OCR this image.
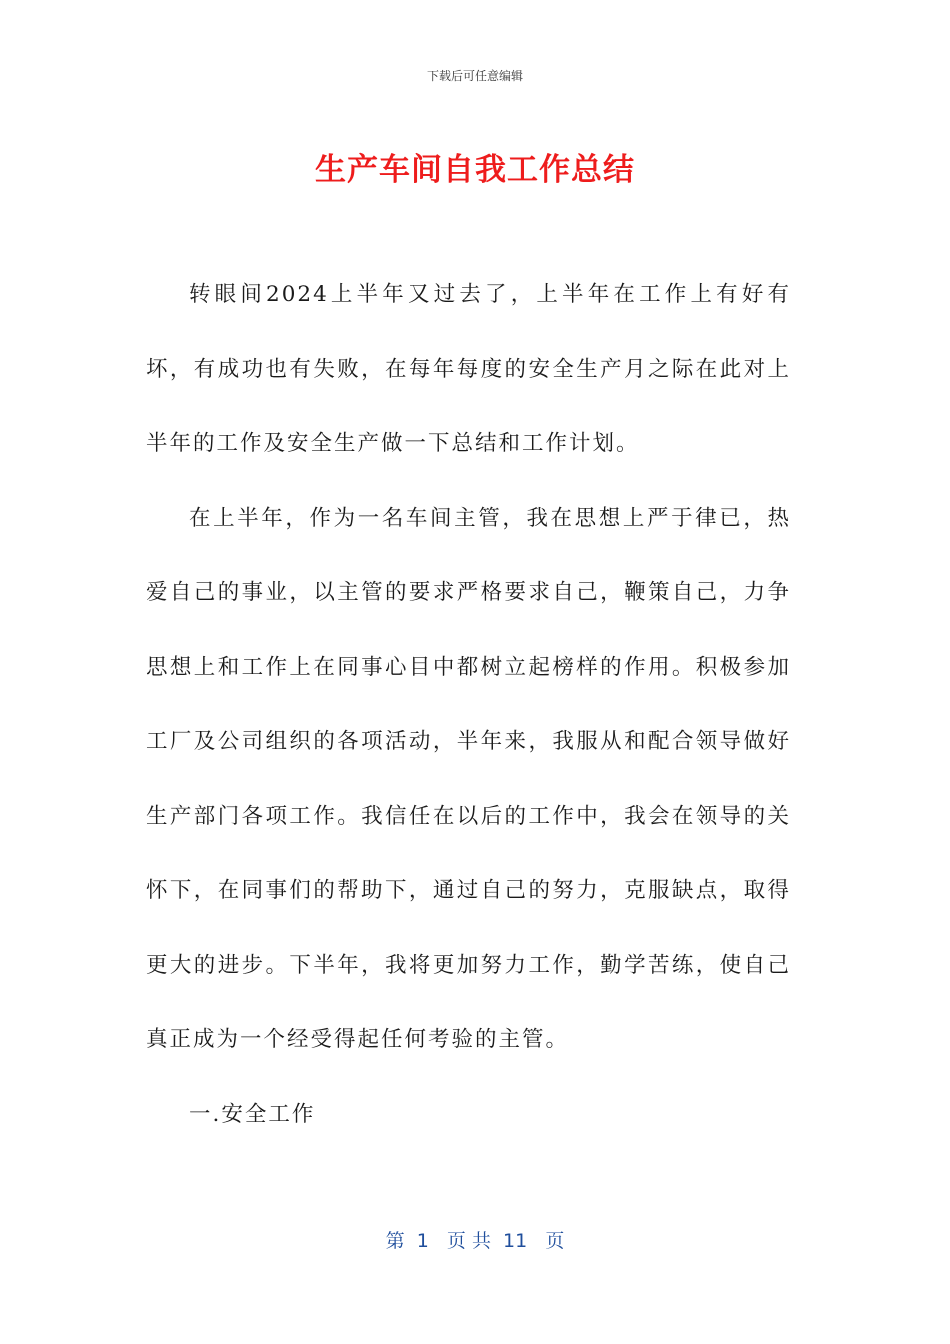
下载后可任意编辑
生产车间自我工作总结

转眼间2024上半年又过去了，上半年在工作上有好有坏，有成功也有失败，在每年每度的安全生产月之际在此对上半年的工作及安全生产做一下总结和工作计划。

在上半年，作为一名车间主管，我在思想上严于律已，热爱自己的事业，以主管的要求严格要求自己，鞭策自己，力争思想上和工作上在同事心目中都树立起榜样的作用。积极参加工厂及公司组织的各项活动，半年来，我服从和配合领导做好生产部门各项工作。我信任在以后的工作中，我会在领导的关怀下，在同事们的帮助下，通过自己的努力，克服缺点，取得更大的进步。下半年，我将更加努力工作，勤学苦练，使自己真正成为一个经受得起任何考验的主管。

一.安全工作

第  1   页 共  11   页
